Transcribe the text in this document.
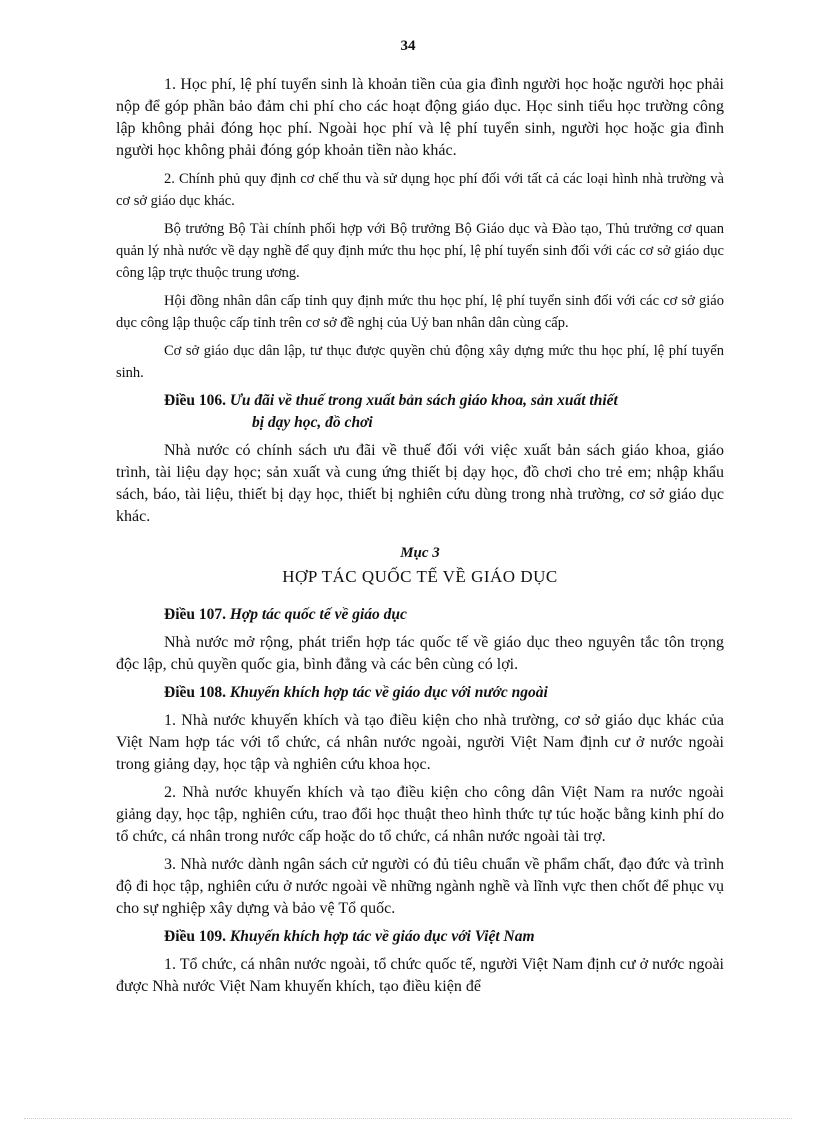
34

1. Học phí, lệ phí tuyển sinh là khoản tiền của gia đình người học hoặc người học phải nộp để góp phần bảo đảm chi phí cho các hoạt động giáo dục. Học sinh tiểu học trường công lập không phải đóng học phí. Ngoài học phí và lệ phí tuyển sinh, người học hoặc gia đình người học không phải đóng góp khoản tiền nào khác.

2. Chính phủ quy định cơ chế thu và sử dụng học phí đối với tất cả các loại hình nhà trường và cơ sở giáo dục khác.

Bộ trưởng Bộ Tài chính phối hợp với Bộ trưởng Bộ Giáo dục và Đào tạo, Thủ trưởng cơ quan quản lý nhà nước về dạy nghề để quy định mức thu học phí, lệ phí tuyển sinh đối với các cơ sở giáo dục công lập trực thuộc trung ương.

Hội đồng nhân dân cấp tỉnh quy định mức thu học phí, lệ phí tuyển sinh đối với các cơ sở giáo dục công lập thuộc cấp tỉnh trên cơ sở đề nghị của Uỷ ban nhân dân cùng cấp.

Cơ sở giáo dục dân lập, tư thục được quyền chủ động xây dựng mức thu học phí, lệ phí tuyển sinh.

Điều 106. Ưu đãi về thuế trong xuất bản sách giáo khoa, sản xuất thiết
bị dạy học, đồ chơi

Nhà nước có chính sách ưu đãi về thuế đối với việc xuất bản sách giáo khoa, giáo trình, tài liệu dạy học; sản xuất và cung ứng thiết bị dạy học, đồ chơi cho trẻ em; nhập khẩu sách, báo, tài liệu, thiết bị dạy học, thiết bị nghiên cứu dùng trong nhà trường, cơ sở giáo dục khác.

Mục 3
HỢP TÁC QUỐC TẾ VỀ GIÁO DỤC
Điều 107. Hợp tác quốc tế về giáo dục

Nhà nước mở rộng, phát triển hợp tác quốc tế về giáo dục theo nguyên tắc tôn trọng độc lập, chủ quyền quốc gia, bình đẳng và các bên cùng có lợi.

Điều 108. Khuyến khích hợp tác về giáo dục với nước ngoài

1. Nhà nước khuyến khích và tạo điều kiện cho nhà trường, cơ sở giáo dục khác của Việt Nam hợp tác với tổ chức, cá nhân nước ngoài, người Việt Nam định cư ở nước ngoài trong giảng dạy, học tập và nghiên cứu khoa học.

2. Nhà nước khuyến khích và tạo điều kiện cho công dân Việt Nam ra nước ngoài giảng dạy, học tập, nghiên cứu, trao đổi học thuật theo hình thức tự túc hoặc bằng kinh phí do tổ chức, cá nhân trong nước cấp hoặc do tổ chức, cá nhân nước ngoài tài trợ.

3. Nhà nước dành ngân sách cử người có đủ tiêu chuẩn về phẩm chất, đạo đức và trình độ đi học tập, nghiên cứu ở nước ngoài về những ngành nghề và lĩnh vực then chốt để phục vụ cho sự nghiệp xây dựng và bảo vệ Tổ quốc.

Điều 109. Khuyến khích hợp tác về giáo dục với Việt Nam

1. Tổ chức, cá nhân nước ngoài, tổ chức quốc tế, người Việt Nam định cư ở nước ngoài được Nhà nước Việt Nam khuyến khích, tạo điều kiện để
